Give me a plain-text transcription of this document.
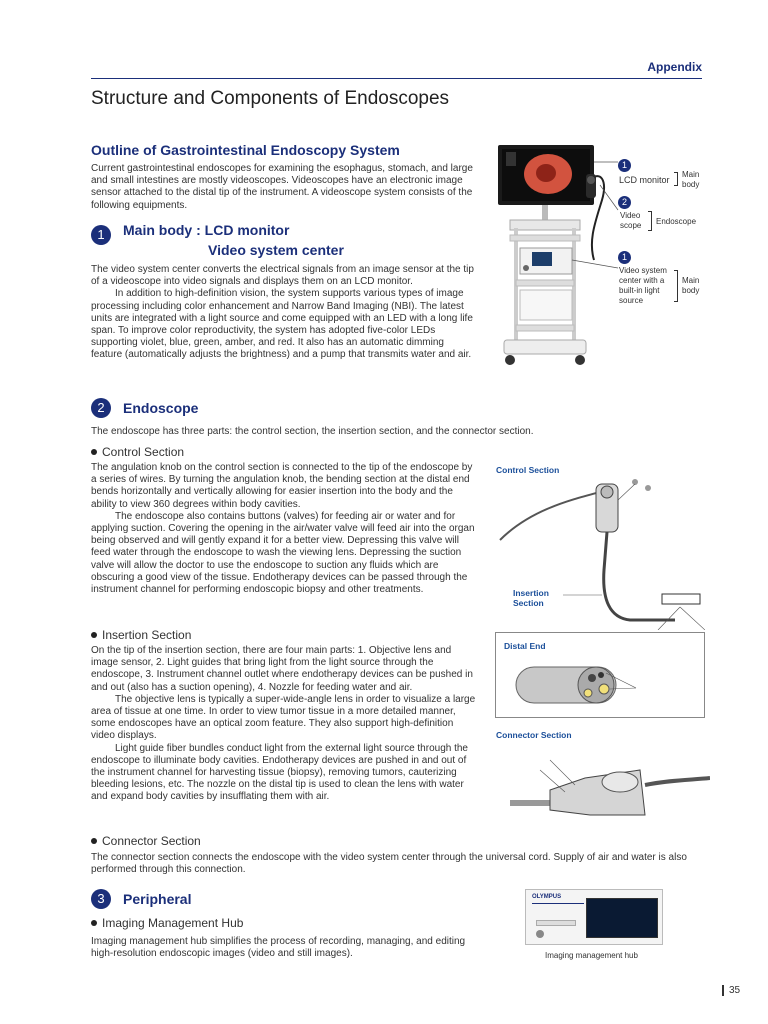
Appendix
Structure and Components of Endoscopes
Outline of Gastrointestinal Endoscopy System
Current gastrointestinal endoscopes for examining the esophagus, stomach, and large and small intestines are mostly videoscopes. Videoscopes have an electronic image sensor attached to the distal tip of the instrument. A videoscope system consists of the following equipments.
1	Main body : LCD monitor
Video system center
The video system center converts the electrical signals from an image sensor at the tip of a videoscope into video signals and displays them on an LCD monitor.
In addition to high-definition vision, the system supports various types of image processing including color enhancement and Narrow Band Imaging (NBI). The latest units are integrated with a light source and come equipped with an LED with a long life span. To improve color reproductivity, the system has adopted five-color LEDs supporting violet, blue, green, amber, and red. It also has an automatic dimming feature (automatically adjusts the brightness) and a pump that transmits water and air.
1
LCD monitor
Main body
2
Video scope	Endoscope
1
Video system center with a built-in light source
Main body
2	Endoscope
The endoscope has three parts: the control section, the insertion section, and the connector section.
Control Section
The angulation knob on the control section is connected to the tip of the endoscope by a series of wires. By turning the angulation knob, the bending section at the distal end bends horizontally and vertically allowing for easier insertion into the body and the ability to view 360 degrees within body cavities.
The endoscope also contains buttons (valves) for feeding air or water and for applying suction. Covering the opening in the air/water valve will feed air into the organ being observed and will gently expand it for a better view. Depressing this valve will feed water through the endoscope to wash the viewing lens. Depressing the suction valve will allow the doctor to use the endoscope to suction any fluids which are obscuring a good view of the tissue. Endotherapy devices can be passed through the instrument channel for performing endoscopic biopsy and other treatments.
Insertion Section
On the tip of the insertion section, there are four main parts: 1. Objective lens and image sensor, 2. Light guides that bring light from the light source through the endoscope, 3. Instrument channel outlet where endotherapy devices can be pushed in and out (also has a suction opening), 4. Nozzle for feeding water and air.
The objective lens is typically a super-wide-angle lens in order to visualize a large area of tissue at one time. In order to view tumor tissue in a more detailed manner, some endoscopes have an optical zoom feature. They also support high-definition video displays.
Light guide fiber bundles conduct light from the external light source through the endoscope to illuminate body cavities. Endotherapy devices are pushed in and out of the instrument channel for harvesting tissue (biopsy), removing tumors, cauterizing bleeding lesions, etc. The nozzle on the distal tip is used to clean the lens with water and expand body cavities by insufflating them with air.
Connector Section
The connector section connects the endoscope with the video system center through the universal cord. Supply of air and water is also performed through this connection.
Control Section
Insertion Section
Distal End
Connector Section
3	Peripheral
Imaging Management Hub
Imaging management hub simplifies the process of recording, managing, and editing high-resolution endoscopic images (video and still images).
OLYMPUS
Imaging management hub
35
